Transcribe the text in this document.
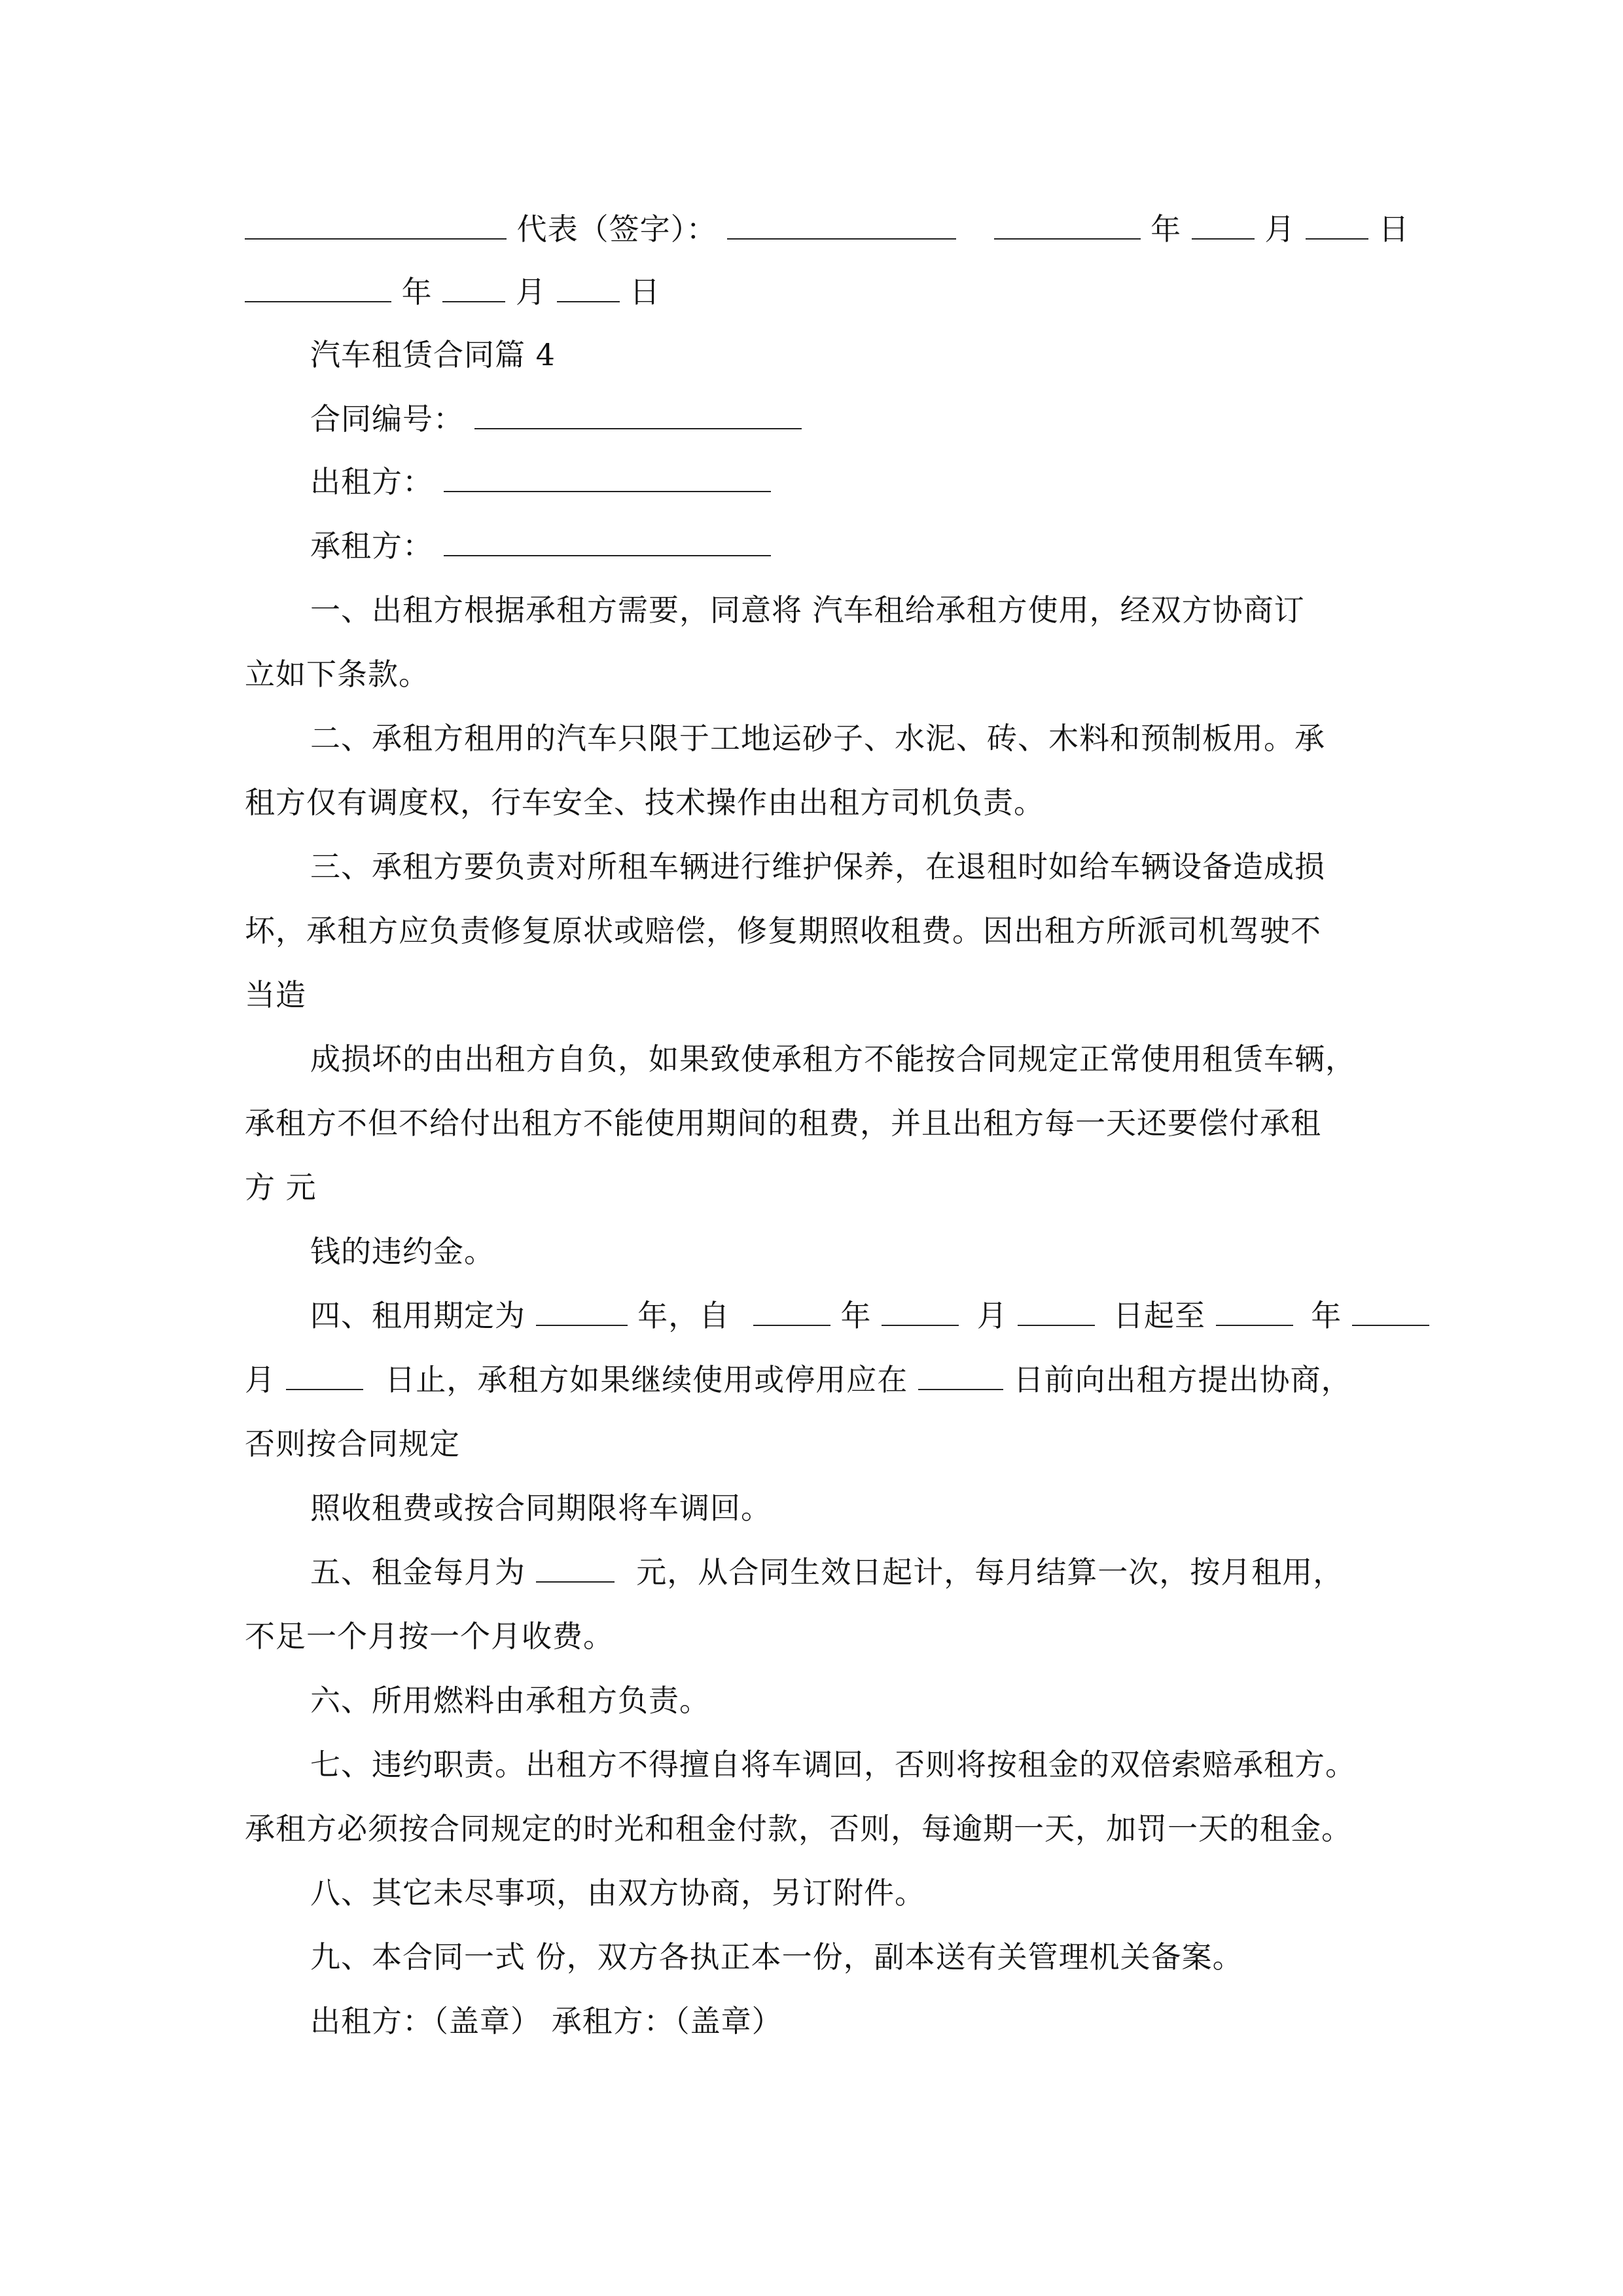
代表（签字）：	年	月	日
年	月	日
汽车租赁合同篇 4
合同编号：
出租方：
承租方：
一、出租方根据承租方需要，同意将 汽车租给承租方使用，经双方协商订
立如下条款。
二、承租方租用的汽车只限于工地运砂子、水泥、砖、木料和预制板用。承
租方仅有调度权，行车安全、技术操作由出租方司机负责。
三、承租方要负责对所租车辆进行维护保养，在退租时如给车辆设备造成损
坏，承租方应负责修复原状或赔偿，修复期照收租费。因出租方所派司机驾驶不
当造
成损坏的由出租方自负，如果致使承租方不能按合同规定正常使用租赁车辆，
承租方不但不给付出租方不能使用期间的租费，并且出租方每一天还要偿付承租
方 元
钱的违约金。
四、租用期定为	年，自	年	月	日起至	年
月	日止，承租方如果继续使用或停用应在	日前向出租方提出协商，
否则按合同规定
照收租费或按合同期限将车调回。
五、租金每月为	元，从合同生效日起计，每月结算一次，按月租用，
不足一个月按一个月收费。
六、所用燃料由承租方负责。
七、违约职责。出租方不得擅自将车调回，否则将按租金的双倍索赔承租方。
承租方必须按合同规定的时光和租金付款，否则，每逾期一天，加罚一天的租金。
八、其它未尽事项，由双方协商，另订附件。
九、本合同一式 份，双方各执正本一份，副本送有关管理机关备案。
出租方：（盖章） 承租方：（盖章）
